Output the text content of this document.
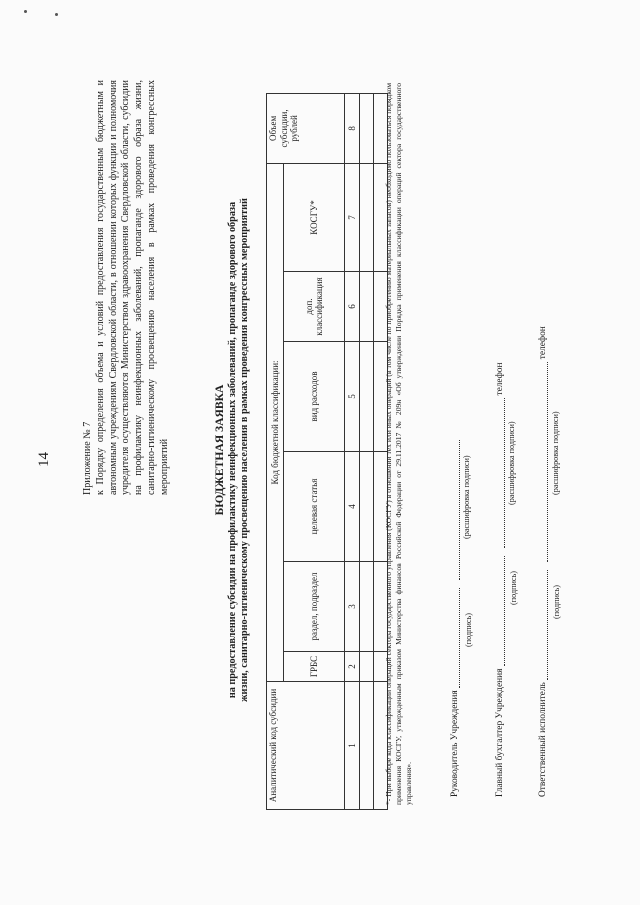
14	Приложение № 7 к Порядку определения объема и условий предоставления государственным бюджетным и автономным учреждениям Свердловской области, в отношении которых функции и полномочия учредителя осуществляются Министерством здравоохранения Свердловской области, субсидии на профилактику неинфекционных заболеваний, пропаганде здорового образа жизни, санитарно-гигиеническому просвещению населения в рамках проведения конгрессных мероприятий	БЮДЖЕТНАЯ ЗАЯВКА на предоставление субсидии на профилактику неинфекционных заболеваний, пропаганде здорового образа жизни, санитарно-гигиеническому просвещению населения в рамках проведения конгрессных мероприятий
Аналитический код субсидии	Код бюджетной классификации:						Объем субсидии, рублей
	ГРБС	раздел, подраздел	целевая статья	вид расходов	доп. классификация	КОСГУ*	
1	2	3	4	5	6	7	8

								*- При выборе кода классификации операций сектора государственного управления (КОСГУ) в отношении тех или иных операций (в том числе по приобретению материальных запасов) необходимо пользоваться порядком применения КОСГУ, утвержденным приказом Министерства финансов Российской Федерации от 29.11.2017 № 209н «Об утверждении Порядка применения классификации операций сектора государственного управления».	Руководитель Учреждения
(подпись)
(расшифровка подписи)
Главный бухгалтер Учреждения   телефон
(подпись)
(расшифровка подписи)
Ответственный исполнитель   телефон
(подпись)
(расшифровка подписи)
